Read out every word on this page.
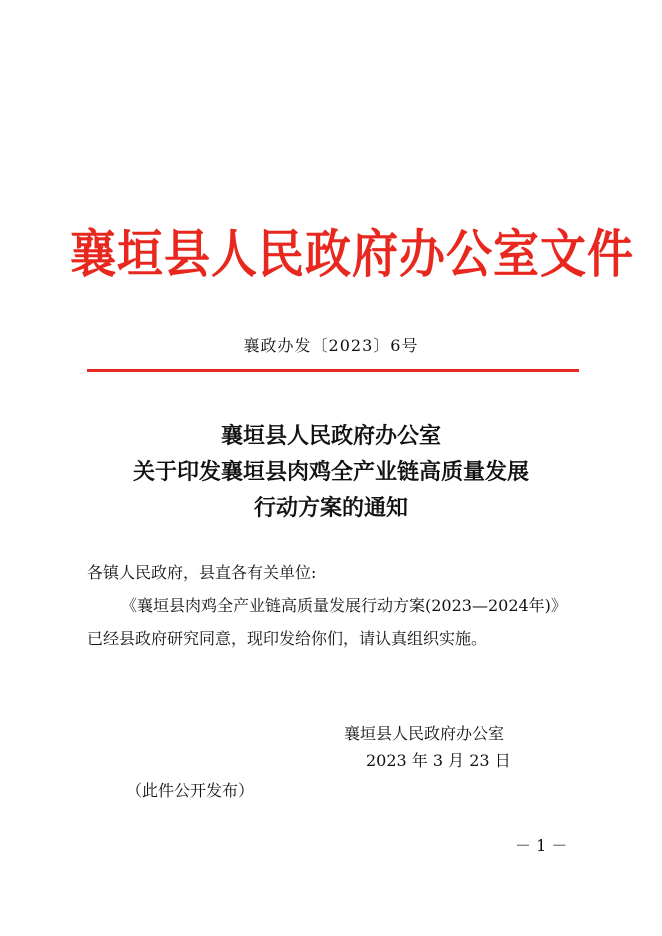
襄垣县人民政府办公室文件
襄政办发〔2023〕6号
襄垣县人民政府办公室
关于印发襄垣县肉鸡全产业链高质量发展
行动方案的通知
各镇人民政府，县直各有关单位:
《襄垣县肉鸡全产业链高质量发展行动方案(2023—2024年)》
已经县政府研究同意，现印发给你们，请认真组织实施。
襄垣县人民政府办公室
2023 年 3 月 23 日
（此件公开发布）
－ 1 －
